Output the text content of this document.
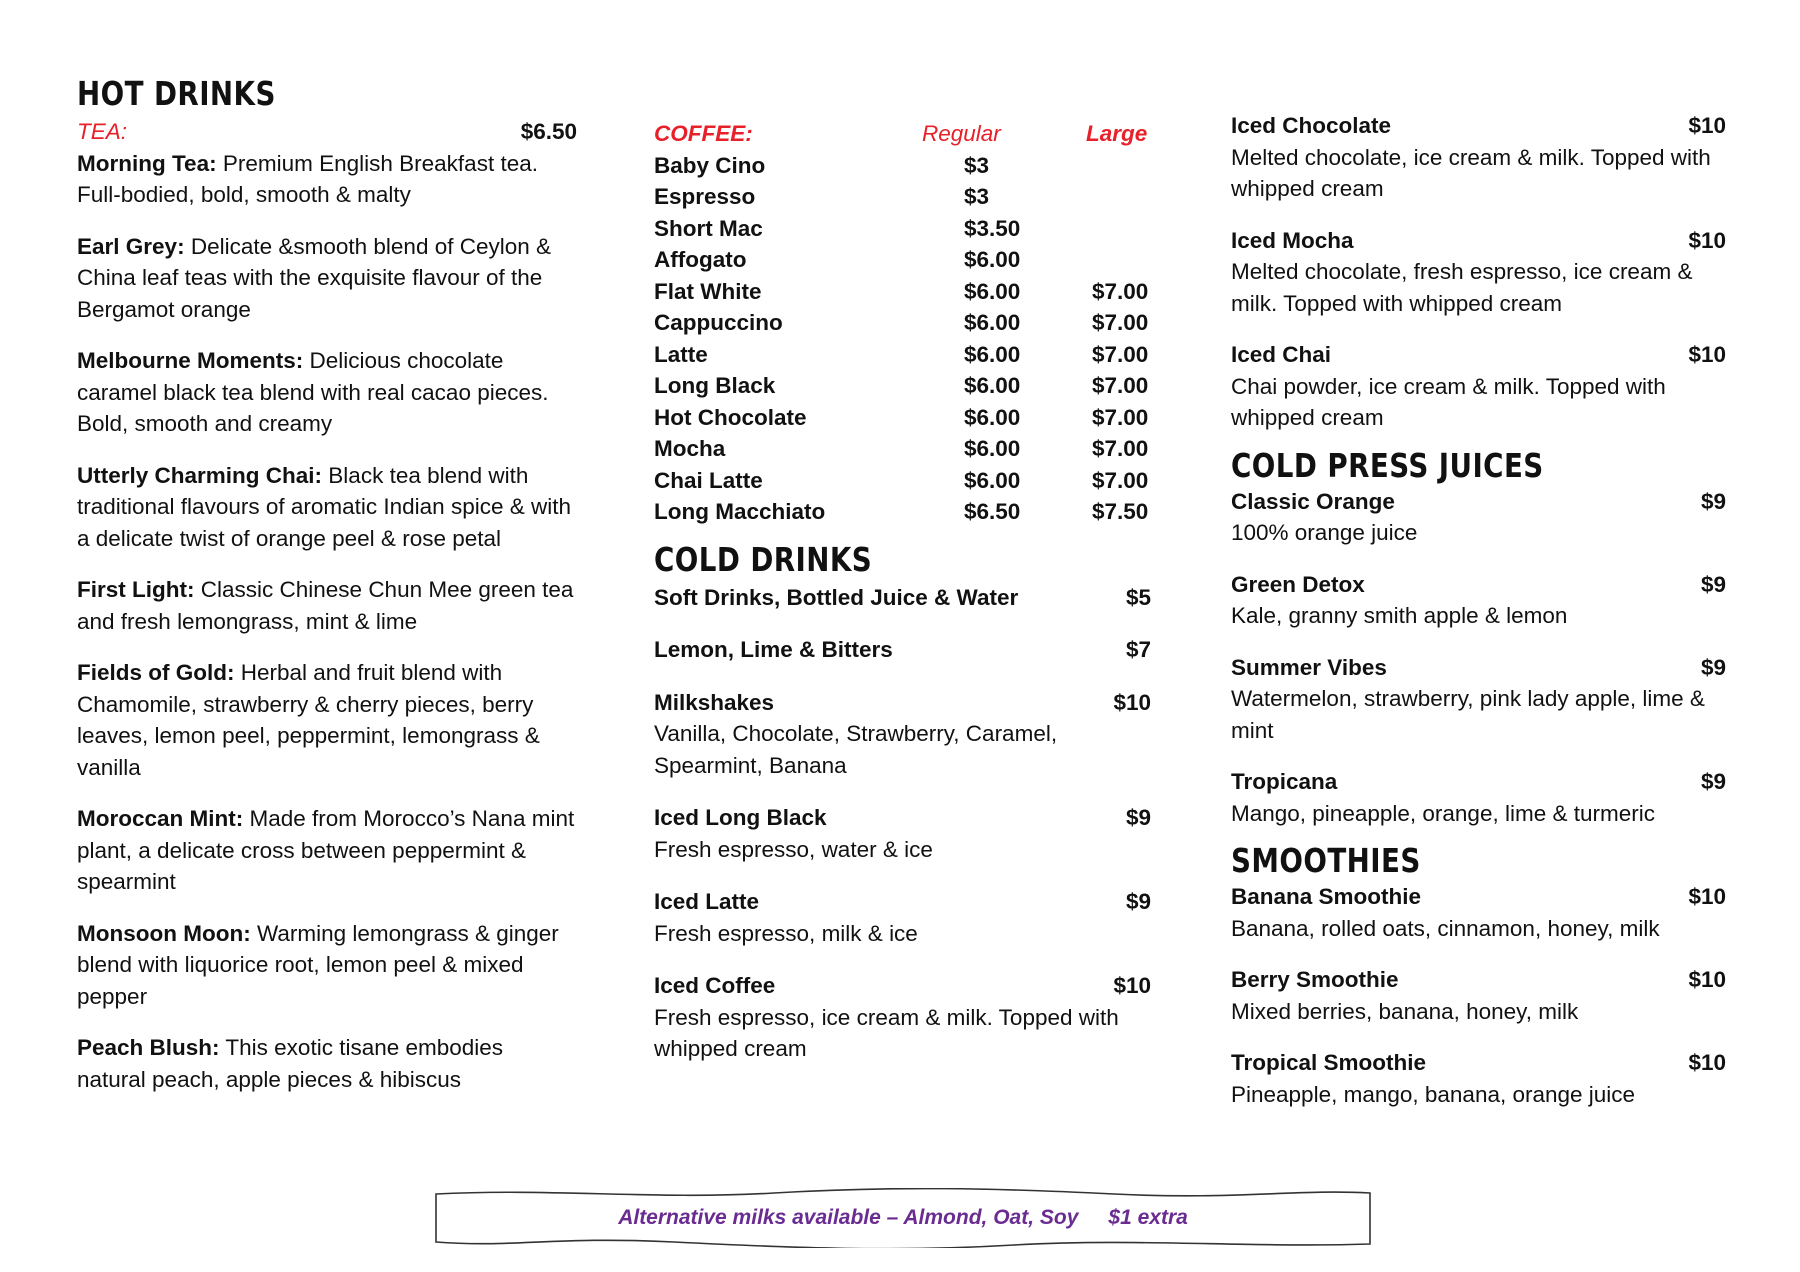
HOT DRINKS
TEA:	$6.50
Morning Tea: Premium English Breakfast tea. Full-bodied, bold, smooth & malty
Earl Grey: Delicate &smooth blend of Ceylon & China leaf teas with the exquisite flavour of the Bergamot orange
Melbourne Moments: Delicious chocolate caramel black tea blend with real cacao pieces. Bold, smooth and creamy
Utterly Charming Chai: Black tea blend with traditional flavours of aromatic Indian spice & with a delicate twist of orange peel & rose petal
First Light: Classic Chinese Chun Mee green tea and fresh lemongrass, mint & lime
Fields of Gold: Herbal and fruit blend with Chamomile, strawberry & cherry pieces, berry leaves, lemon peel, peppermint, lemongrass & vanilla
Moroccan Mint: Made from Morocco’s Nana mint plant, a delicate cross between peppermint & spearmint
Monsoon Moon: Warming lemongrass & ginger blend with liquorice root, lemon peel & mixed pepper
Peach Blush: This exotic tisane embodies natural peach, apple pieces & hibiscus
COFFEE:	Regular	Large
Baby Cino	$3
Espresso	$3
Short Mac	$3.50
Affogato	$6.00
Flat White	$6.00	$7.00
Cappuccino	$6.00	$7.00
Latte	$6.00	$7.00
Long Black	$6.00	$7.00
Hot Chocolate	$6.00	$7.00
Mocha	$6.00	$7.00
Chai Latte	$6.00	$7.00
Long Macchiato	$6.50	$7.50
COLD DRINKS
Soft Drinks, Bottled Juice & Water	$5
Lemon, Lime & Bitters	$7
Milkshakes	$10
Vanilla, Chocolate, Strawberry, Caramel, Spearmint, Banana
Iced Long Black	$9
Fresh espresso, water & ice
Iced Latte	$9
Fresh espresso, milk & ice
Iced Coffee	$10
Fresh espresso, ice cream & milk. Topped with whipped cream
Iced Chocolate	$10
Melted chocolate, ice cream & milk. Topped with whipped cream
Iced Mocha	$10
Melted chocolate, fresh espresso, ice cream & milk. Topped with whipped cream
Iced Chai	$10
Chai powder, ice cream & milk. Topped with whipped cream
COLD PRESS JUICES
Classic Orange	$9
100% orange juice
Green Detox	$9
Kale, granny smith apple & lemon
Summer Vibes	$9
Watermelon, strawberry, pink lady apple, lime & mint
Tropicana	$9
Mango, pineapple, orange, lime & turmeric
SMOOTHIES
Banana Smoothie	$10
Banana, rolled oats, cinnamon, honey, milk
Berry Smoothie	$10
Mixed berries, banana, honey, milk
Tropical Smoothie	$10
Pineapple, mango, banana, orange juice
Alternative milks available – Almond, Oat, Soy $1 extra
